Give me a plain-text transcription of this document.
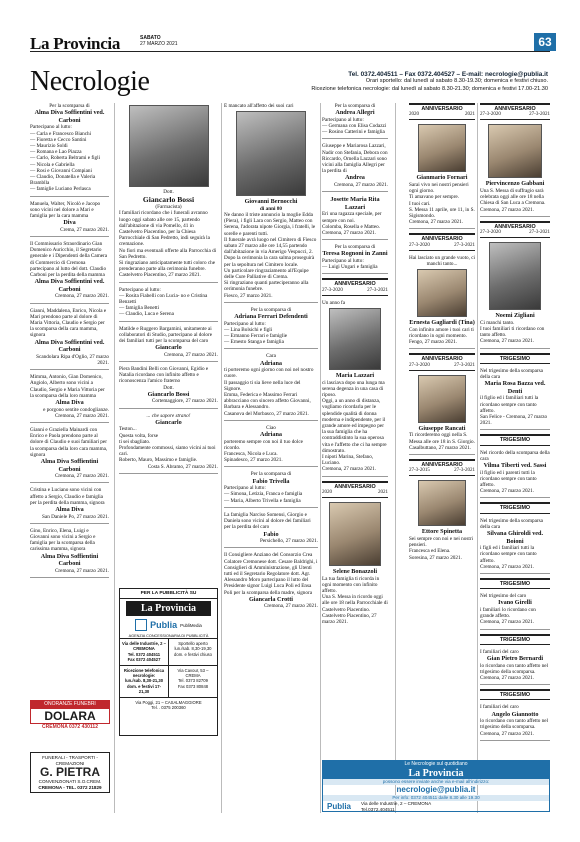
La Provincia	SABATO
27 MARZO 2021	63
Necrologie	Tel. 0372.404511 – Fax 0372.404527 – E-mail: necrologie@publia.it
Orari sportello: dal lunedì al sabato 8.30-19.30; domenica e festivi chiuso.
Ricezione telefonica necrologie: dal lunedì al sabato 8.30-21.30; domenica e festivi 17.00-21.30
Per la scomparsa di
Alma Diva Soffientini ved. Carboni
Partecipano al lutto:
— Carla e Francesco Bianchi
— Fioretta e Cecco Santini
— Maurizio Soldi
— Romana e Lao Piazza
— Carlo, Roberta Beltrami e figli
— Nicola e Gabriella
— Rosi e Giovanni Compiani
— Claudio, Donatella e Valeria Bramblla
— famiglie Luciano Perlasca
Manuela, Walter, Nicolò e Jacopo sono vicini nel dolore a Mari e famiglia per la cara mamma
Diva
Crema, 27 marzo 2021.
Il Commissario Straordinario Gian Domenico Auricchio, il Segretario generale e i Dipendenti della Camera di Commercio di Cremona partecipano al lutto del dott. Claudio Carboni per la perdita della mamma
Alma Diva Soffientini ved. Carboni
Cremona, 27 marzo 2021.
Gianni, Maddalena, Enrico, Nicola e Mari prendono parte al dolore di Maria Vittoria, Claudio e Sergio per la scomparsa della cara mamma, signora
Alma Diva Soffientini ved. Carboni
Scandolara Ripa d'Oglio, 27 marzo 2021.
Mimma, Antonio, Gian Domenico, Angiolo, Alberto sono vicini a Claudio, Sergio e Maria Vittoria per la scomparsa della loro mamma
Alma Diva
e porgono sentite condoglianze.
Cremona, 27 marzo 2021.
Gianni e Graziella Mainardi con Enrico e Paola prendono parte al dolore di Claudio e suoi familiari per la scomparsa della loro cara mamma, signora
Alma Diva Soffientini Carboni
Cremona, 27 marzo 2021.
Cristina e Luciano sono vicini con affetto a Sergio, Claudio e famiglia per la perdita della mamma, signora
Alma Diva
San Daniele Po, 27 marzo 2021.
Gino, Enrico, Elena, Luigi e Giovanni sono vicini a Sergio e famiglia per la scomparsa della carissima mamma, signora
Alma Diva Soffientini Carboni
Cremona, 27 marzo 2021.
Dott.
Giancarlo Bossi
(Farmacista)
I familiari ricordano che i funerali avranno luogo oggi sabato alle ore 15, partendo dall'abitazione di via Pomello, 41 in Castelvetro Piacentino, per la Chiesa Parrocchiale di San Pedretto, indi seguirà la cremazione.
No fiori ma eventuali offerte alla Parrocchia di San Pedretto.
Si ringraziano anticipatamente tutti coloro che prenderanno parte alla cerimonia funebre.
Castelvetro Piacentino, 27 marzo 2021.
Partecipano al lutto:
— Rosita Fiabelli con Lucia- no e Cristina Benzetti
— famiglia Benetti
— Claudio, Luca e Serena
Matilde e Ruggero Bargamini, unitamente ai collaboratori di Studio, partecipano al dolore dei familiari tutti per la scomparsa del caro
Giancarlo
Cremona, 27 marzo 2021.
Piera Bandini Belli con Giovanni, Egidio e Natalia ricordano con infinito affetto e riconoscenza l'amico fraterno
Dott.
Giancarlo Bossi
Cortemaggiore, 27 marzo 2021.
... che sapore strano!
Giancarlo
Teston...
Questa volta, forse
ti sei sbagliato.
Profondamente commossi, siamo vicini ai tuoi cari.
Roberto, Mauro, Massimo e famiglie.
Costa S. Abramo, 27 marzo 2021.
PER LA PUBBLICITÀ SU
La Provincia
Publia PubliMedia
AGENZIA CONCESSIONARIA DI PUBBLICITÀ
Via delle Industrie, 2 – CREMONA
Tel. 0372 404511
Fax 0372 404527
Sportello aperto
lun./sab. 8,30-19,30
dom. e festivi chiuso
Ricezione telefonica necrologie:
lun./sab. 8,30-21,30
dom. e festivi 17-21,30
Via Cavour, 53 – CREMA
Tel. 0373 82709
Fax 0373 80848
Via Poggi, 21 – CASALMAGGIORE
Tel. . 0375 200360
ONORANZE FUNEBRI
DOLARA
CREMONA 0372 430112
FUNERALI - TRASPORTI - CREMAZIONI
G. PIETRA
CONVENZIONATI S.O.CREM.
CREMONA - TEL. 0372 21829
È mancato all'affetto dei suoi cari
Giovanni Bernocchi
di anni 80
Ne danno il triste annuncio la moglie Edda (Piera), i figli Lara con Sergio, Matteo con Serena, l'adorata nipote Giorgia, i fratelli, le sorelle e parenti tutti.
Il funerale avrà luogo nel Cimitero di Fiesco sabato 27 marzo alle ore 14,55 partendo dall'abitazione in via Amerigo Vespucci, 2.
Dopo la cerimonia la cara salma proseguirà per la sepoltura nel Cimitero locale.
Un particolare ringraziamento all'Equipe delle Cure Palliative di Crema.
Si ringraziano quanti parteciperanno alla cerimonia funebre.
Fiesco, 27 marzo 2021.
Per la scomparsa di
Adriana Ferrari Defendenti
Partecipano al lutto:
— Lina Bolsichi e figli
— Ermanno Ferrari e famiglie
— Ernesto Stanga e famiglia
Cara
Adriana
ti porteremo ogni giorno con noi nel nostro cuore.
Il passaggio ti sia lieve nella luce del Signore.
Emma, Federica e Massimo Ferrari abbracciano con sincero affetto Giovanni, Barbara e Alessandro.
Casanova del Morbasco, 27 marzo 2021.
Ciao
Adriana
porteremo sempre con noi il tuo dolce ricordo.
Francesca, Nicola e Luca.
Spinadesco, 27 marzo 2021.
Per la scomparsa di
Fabio Trivella
Partecipano al lutto:
— Simona, Letizia, Franca e famiglia
— Maria, Alberto Trivella e famiglia
La famiglia Narciso Somensi, Giorgio e Daniela sono vicini al dolore dei familiari per la perdita del caro
Fabio
Persichello, 27 marzo 2021.
Il Consigliere Anziano del Consorzio Crea Colatore Cremonese dott. Cesare Baldrighi, i Consiglieri di Amministrazione, gli Utenti tutti ed il Segretario Regolatore dott. Agr. Alessandro Moro partecipano il lutto del Presidente signor Luigi Luca Poli ed Ensa Poli per la scomparsa della madre, signora
Giancarla Crotti
Cremona, 27 marzo 2021.
Per la scomparsa di
Andrea Allegri
Partecipano al lutto:
— Germana con Elisa Codazzi
— Rosino Catterini e famiglia
Giuseppe e Mariarosa Lazzari, Nadir con Stefania, Debora con Riccardo, Ornella Lazzari sono vicini alla famiglia Allegri per la perdita di
Andrea
Cremona, 27 marzo 2021.
Josette Maria Rita Lazzari
Eri una ragazza speciale, per sempre con noi.
Colomba, Rosella e Matteo.
Cremona, 27 marzo 2021.
Per la scomparsa di
Teresa Rognoni in Zanni
Partecipano al lutto:
— Luigi Ungari e famiglia
ANNIVERSARIO
27-3-2020	27-3-2021
Un anno fa
Maria Lazzari
ci lasciava dopo una lunga ma serena degenza in una casa di riposo.
Oggi, a un anno di distanza, vogliamo ricordarla per le splendide qualità di donna moderna e indipendente, per il grande amore ed impegno per la sua famiglia che ha contraddistinto la sua operosa vita e l'affetto che ci ha sempre dimostrato.
I nipoti Marina, Stefano, Luciano.
Cremona, 27 marzo 2021.
ANNIVERSARIO
2020	2021
Selene Bonazzoli
La tua famiglia ti ricorda in ogni momento con infinito affetto.
Una S. Messa in ricordo oggi alle ore 18 nella Parrocchiale di Castelvetro Piacentino.
Castelvetro Piacentino, 27 marzo 2021.
ANNIVERSARIO
2020	2021
Gianmario Fornari
Sarai vivo nei nostri pensieri ogni giorno.
Ti amavano per sempre.
I tuoi cari.
S. Messa 11 aprile, ore 11, in S. Sigismondo.
Cremona, 27 marzo 2021.
ANNIVERSARIO
27-3-2020	27-3-2021
Hai lasciato un grande vuoto, ci manchi tanto...
Ernesta Gagliardi (Tina)
Con infinito amore i tuoi cari ti ricordano in ogni momento.
Fengo, 27 marzo 2021.
ANNIVERSARIO
27-3-2020	27-3-2021
Giuseppe Rancati
Ti ricorderemo oggi nella S. Messa alle ore 18 in S. Giorgio.
Casalbuttano, 27 marzo 2021.
ANNIVERSARIO
27-3-2015	27-3-2021
Ettore Spinetta
Sei sempre con noi e nei nostri pensieri.
Francesca ed Elena.
Soresina, 27 marzo 2021.
ANNIVERSARIO
27-3-2020	27-3-2021
Piervincenzo Gabbani
Una S. Messa di suffragio sarà celebrata oggi alle ore 18 nella Chiesa di San Luca a Cremona.
Cremona, 27 marzo 2021.
ANNIVERSARIO
27-3-2020	27-3-2021
Noemi Zigliani
Ci manchi tanto.
I tuoi familiari ti ricordano con tanto affetto.
Cremona, 27 marzo 2021.
TRIGESIMO
Nel trigesimo della scomparsa della cara
Maria Rosa Bazza ved. Denti
il figlio ed i familiari tutti la ricordano sempre con tanto affetto.
San Felice - Cremona, 27 marzo 2021.
TRIGESIMO
Nel ricordo della scomparsa della cara
Vilma Tiberti ved. Sassi
il figlio ed i parenti tutti la ricordano sempre con tanto affetto.
Cremona, 27 marzo 2021.
TRIGESIMO
Nel trigesimo della scomparsa della cara
Silvana Ghiroldi ved. Boioni
i figli ed i familiari tutti la ricordano sempre con tanto affetto.
Cremona, 27 marzo 2021.
TRIGESIMO
Nel trigesimo del caro
Ivano Girelli
i familiari lo ricordano con grande affetto.
Cremona, 27 marzo 2021.
TRIGESIMO
I familiari del caro
Gian Pietro Bernardi
lo ricordano con tanto affetto nel trigesimo della scomparsa.
Cremona, 27 marzo 2021.
TRIGESIMO
I familiari del caro
Angelo Giannotto
lo ricordano con tanto affetto nel trigesimo della scomparsa.
Cremona, 27 marzo 2021.
Le Necrologie sul quotidiano
La Provincia
possono essere inviate anche via e-mail all'indirizzo:
necrologie@publia.it
Per info: 0372 404511 dalle 8.30 alle 19.30
Publia Via delle Industrie, 2 – CREMONA
Tel.0372.404511
